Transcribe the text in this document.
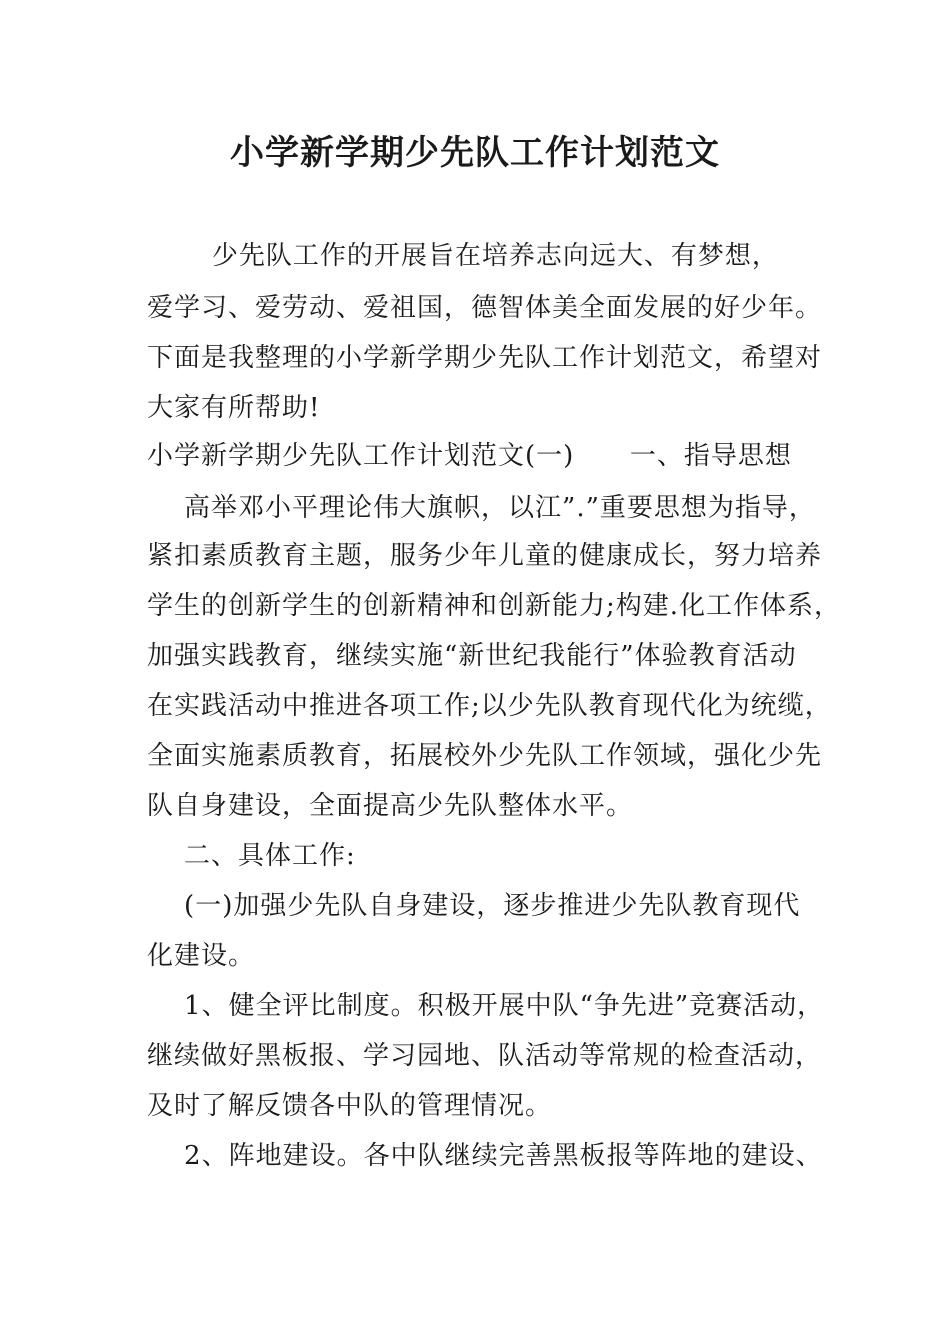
小学新学期少先队工作计划范文
少先队工作的开展旨在培养志向远大、有梦想，
爱学习、爱劳动、爱祖国，德智体美全面发展的好少年。
下面是我整理的小学新学期少先队工作计划范文，希望对
大家有所帮助!
小学新学期少先队工作计划范文(一)      一、指导思想
高举邓小平理论伟大旗帜，以江”.”重要思想为指导，
紧扣素质教育主题，服务少年儿童的健康成长，努力培养
学生的创新学生的创新精神和创新能力;构建.化工作体系，
加强实践教育，继续实施“新世纪我能行”体验教育活动
在实践活动中推进各项工作;以少先队教育现代化为统缆，
全面实施素质教育，拓展校外少先队工作领域，强化少先
队自身建设，全面提高少先队整体水平。
二、具体工作:
(一)加强少先队自身建设，逐步推进少先队教育现代
化建设。
1、健全评比制度。积极开展中队“争先进”竞赛活动，
继续做好黑板报、学习园地、队活动等常规的检查活动，
及时了解反馈各中队的管理情况。
2、阵地建设。各中队继续完善黑板报等阵地的建设、
